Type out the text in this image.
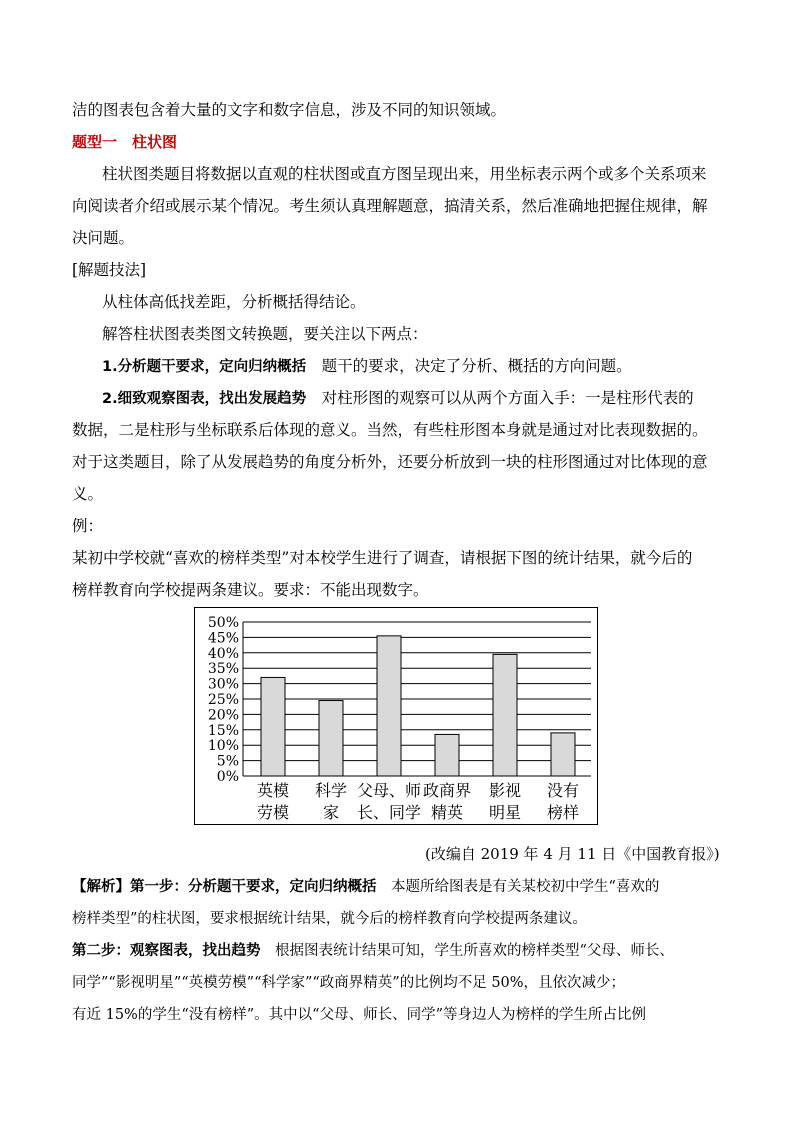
洁的图表包含着大量的文字和数字信息，涉及不同的知识领域。
题型一　柱状图
柱状图类题目将数据以直观的柱状图或直方图呈现出来，用坐标表示两个或多个关系项来
向阅读者介绍或展示某个情况。考生须认真理解题意，搞清关系，然后准确地把握住规律，解
决问题。
[解题技法]
从柱体高低找差距，分析概括得结论。
解答柱状图表类图文转换题，要关注以下两点：
1.分析题干要求，定向归纳概括　题干的要求，决定了分析、概括的方向问题。
2.细致观察图表，找出发展趋势　对柱形图的观察可以从两个方面入手：一是柱形代表的
数据，二是柱形与坐标联系后体现的意义。当然，有些柱形图本身就是通过对比表现数据的。
对于这类题目，除了从发展趋势的角度分析外，还要分析放到一块的柱形图通过对比体现的意
义。
例：
某初中学校就“喜欢的榜样类型”对本校学生进行了调查，请根据下图的统计结果，就今后的
榜样教育向学校提两条建议。要求：不能出现数字。
0%
5%
10%
15%
20%
25%
30%
35%
40%
45%
50%
英模
劳模
科学
家
父母、师
长、同学
政商界
精英
影视
明星
没有
榜样
(改编自 2019 年 4 月 11 日《中国教育报》)
【解析】第一步：分析题干要求，定向归纳概括　本题所给图表是有关某校初中学生“喜欢的
榜样类型”的柱状图，要求根据统计结果，就今后的榜样教育向学校提两条建议。
第二步：观察图表，找出趋势　根据图表统计结果可知，学生所喜欢的榜样类型“父母、师长、
同学”“影视明星”“英模劳模”“科学家”“政商界精英”的比例均不足 50%，且依次减少；
有近 15%的学生“没有榜样”。其中以“父母、师长、同学”等身边人为榜样的学生所占比例
